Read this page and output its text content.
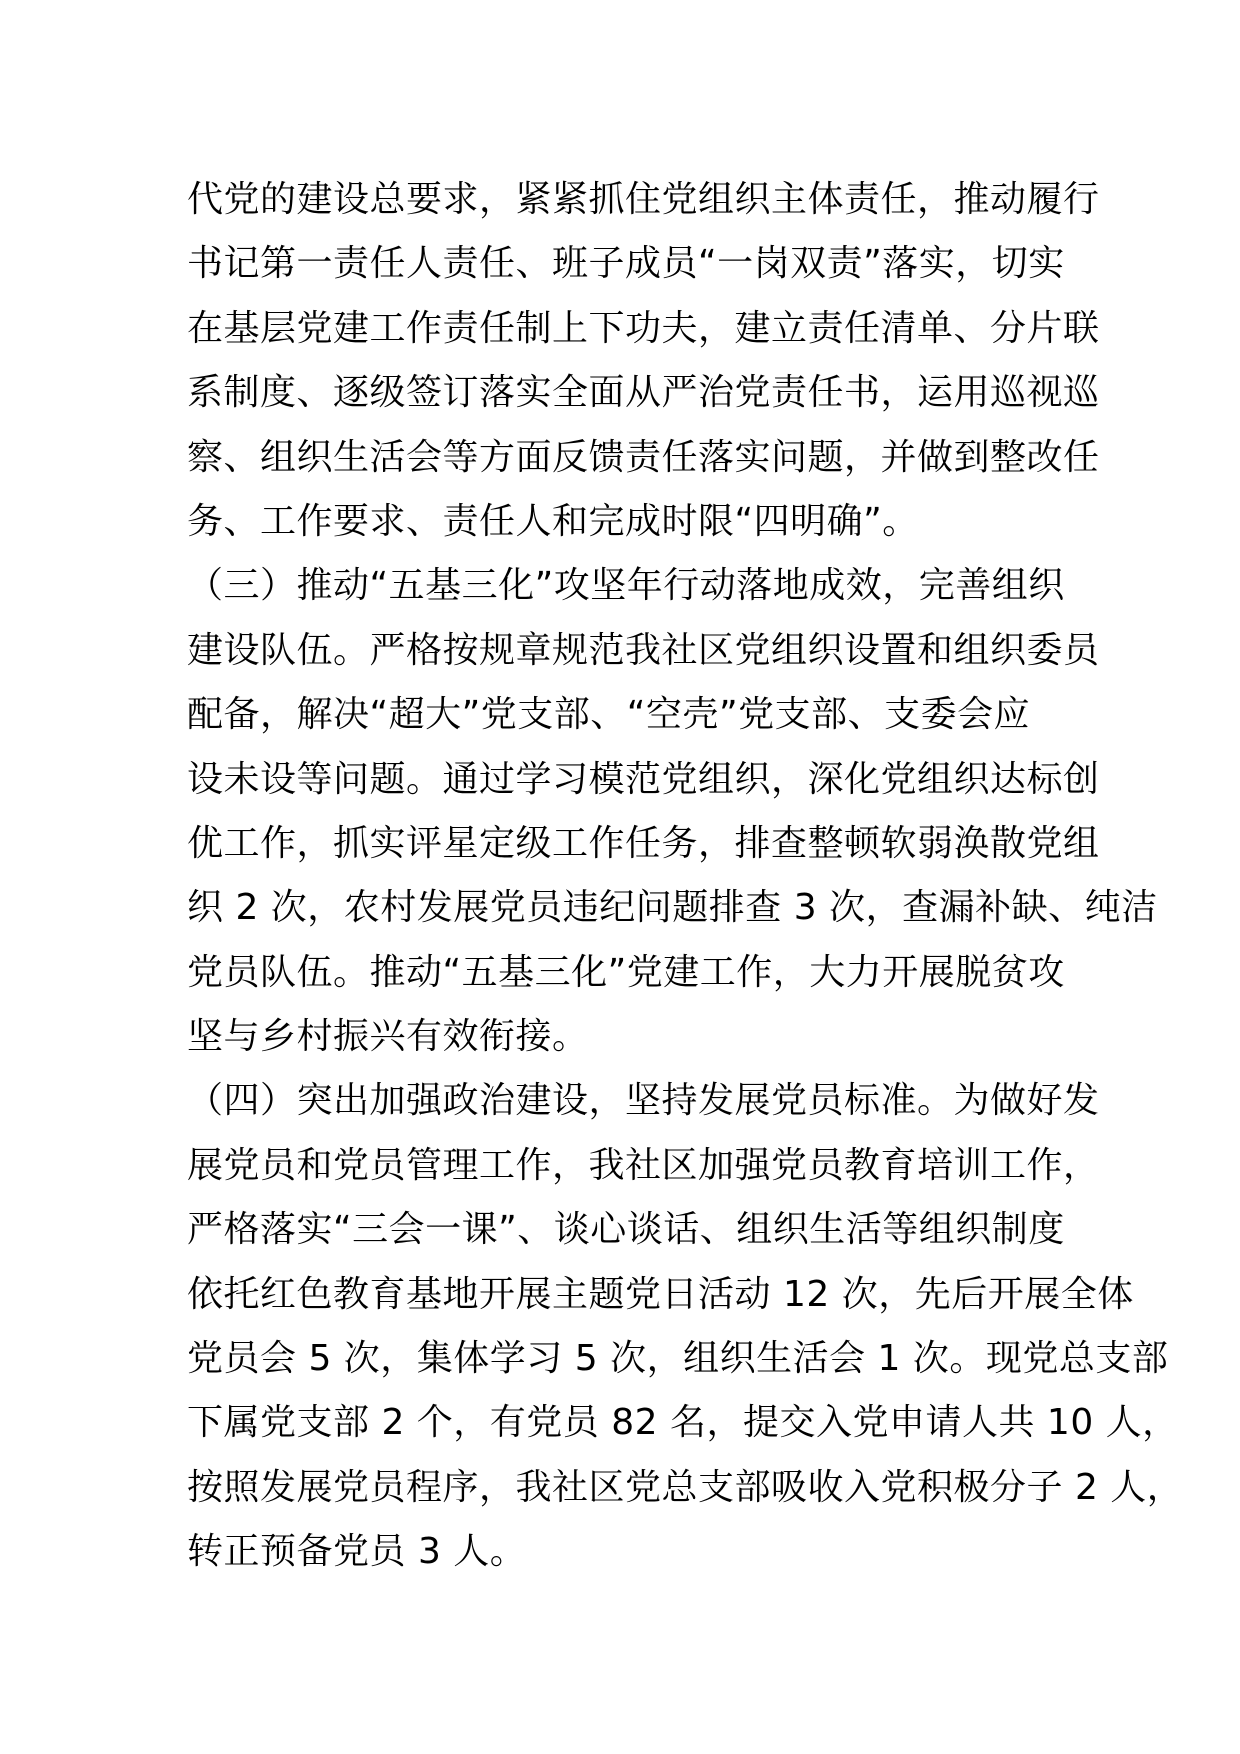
代党的建设总要求，紧紧抓住党组织主体责任，推动履行
书记第一责任人责任、班子成员“一岗双责”落实，切实
在基层党建工作责任制上下功夫，建立责任清单、分片联
系制度、逐级签订落实全面从严治党责任书，运用巡视巡
察、组织生活会等方面反馈责任落实问题，并做到整改任
务、工作要求、责任人和完成时限“四明确”。
（三）推动“五基三化”攻坚年行动落地成效，完善组织
建设队伍。严格按规章规范我社区党组织设置和组织委员
配备，解决“超大”党支部、“空壳”党支部、支委会应
设未设等问题。通过学习模范党组织，深化党组织达标创
优工作，抓实评星定级工作任务，排查整顿软弱涣散党组
织 2 次，农村发展党员违纪问题排查 3 次，查漏补缺、纯洁
党员队伍。推动“五基三化”党建工作，大力开展脱贫攻
坚与乡村振兴有效衔接。
（四）突出加强政治建设，坚持发展党员标准。为做好发
展党员和党员管理工作，我社区加强党员教育培训工作，
严格落实“三会一课”、谈心谈话、组织生活等组织制度
依托红色教育基地开展主题党日活动 12 次，先后开展全体
党员会 5 次，集体学习 5 次，组织生活会 1 次。现党总支部
下属党支部 2 个，有党员 82 名，提交入党申请人共 10 人，
按照发展党员程序，我社区党总支部吸收入党积极分子 2 人，
转正预备党员 3 人。
